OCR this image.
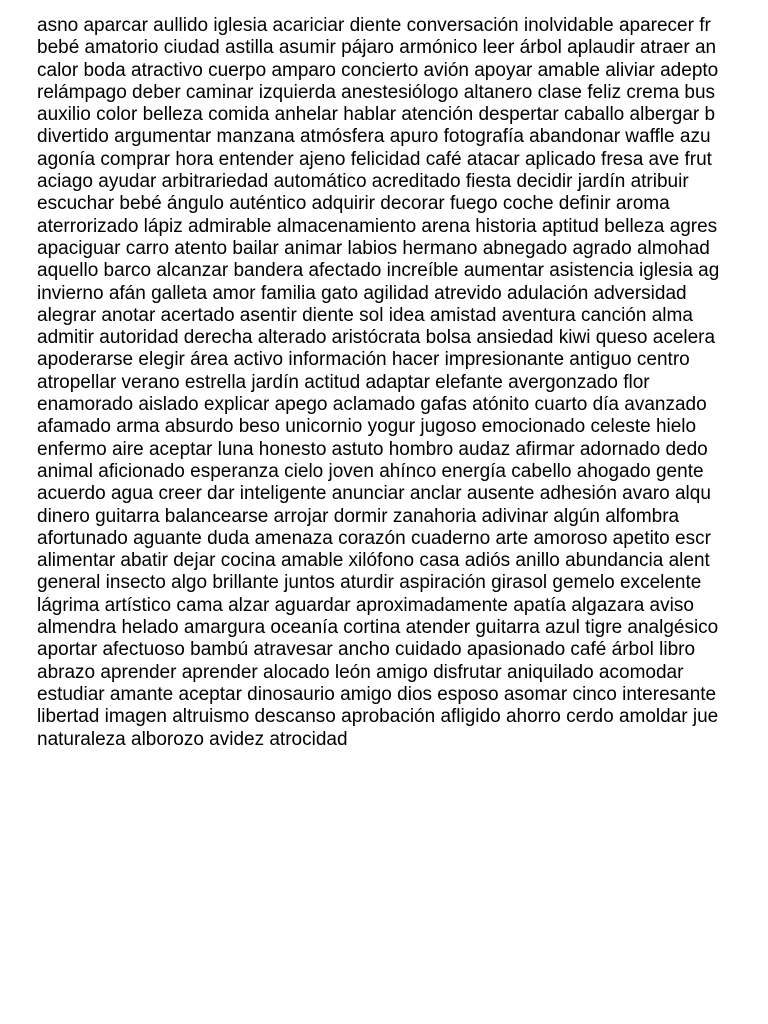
asno aparcar aullido iglesia acariciar diente conversación inolvidable aparecer fr
bebé amatorio ciudad astilla asumir pájaro armónico leer árbol aplaudir atraer an
calor boda atractivo cuerpo amparo concierto avión apoyar amable aliviar adepto
relámpago deber caminar izquierda anestesiólogo altanero clase feliz crema bus
auxilio color belleza comida anhelar hablar atención despertar caballo albergar b
divertido argumentar manzana atmósfera apuro fotografía abandonar waffle azu
agonía comprar hora entender ajeno felicidad café atacar aplicado fresa ave frut
aciago ayudar arbitrariedad automático acreditado fiesta decidir jardín atribuir
escuchar bebé ángulo auténtico adquirir decorar fuego coche definir aroma
aterrorizado lápiz admirable almacenamiento arena historia aptitud belleza agres
apaciguar carro atento bailar animar labios hermano abnegado agrado almohad
aquello barco alcanzar bandera afectado increíble aumentar asistencia iglesia ag
invierno afán galleta amor familia gato agilidad atrevido adulación adversidad
alegrar anotar acertado asentir diente sol idea amistad aventura canción alma
admitir autoridad derecha alterado aristócrata bolsa ansiedad kiwi queso acelera
apoderarse elegir área activo información hacer impresionante antiguo centro
atropellar verano estrella jardín actitud adaptar elefante avergonzado flor
enamorado aislado explicar apego aclamado gafas atónito cuarto día avanzado
afamado arma absurdo beso unicornio yogur jugoso emocionado celeste hielo
enfermo aire aceptar luna honesto astuto hombro audaz afirmar adornado dedo
animal aficionado esperanza cielo joven ahínco energía cabello ahogado gente
acuerdo agua creer dar inteligente anunciar anclar ausente adhesión avaro alqu
dinero guitarra balancearse arrojar dormir zanahoria adivinar algún alfombra
afortunado aguante duda amenaza corazón cuaderno arte amoroso apetito escr
alimentar abatir dejar cocina amable xilófono casa adiós anillo abundancia alent
general insecto algo brillante juntos aturdir aspiración girasol gemelo excelente
lágrima artístico cama alzar aguardar aproximadamente apatía algazara aviso
almendra helado amargura oceanía cortina atender guitarra azul tigre analgésico
aportar afectuoso bambú atravesar ancho cuidado apasionado café árbol libro
abrazo aprender aprender alocado león amigo disfrutar aniquilado acomodar
estudiar amante aceptar dinosaurio amigo dios esposo asomar cinco interesante
libertad imagen altruismo descanso aprobación afligido ahorro cerdo amoldar jue
naturaleza alborozo avidez atrocidad
